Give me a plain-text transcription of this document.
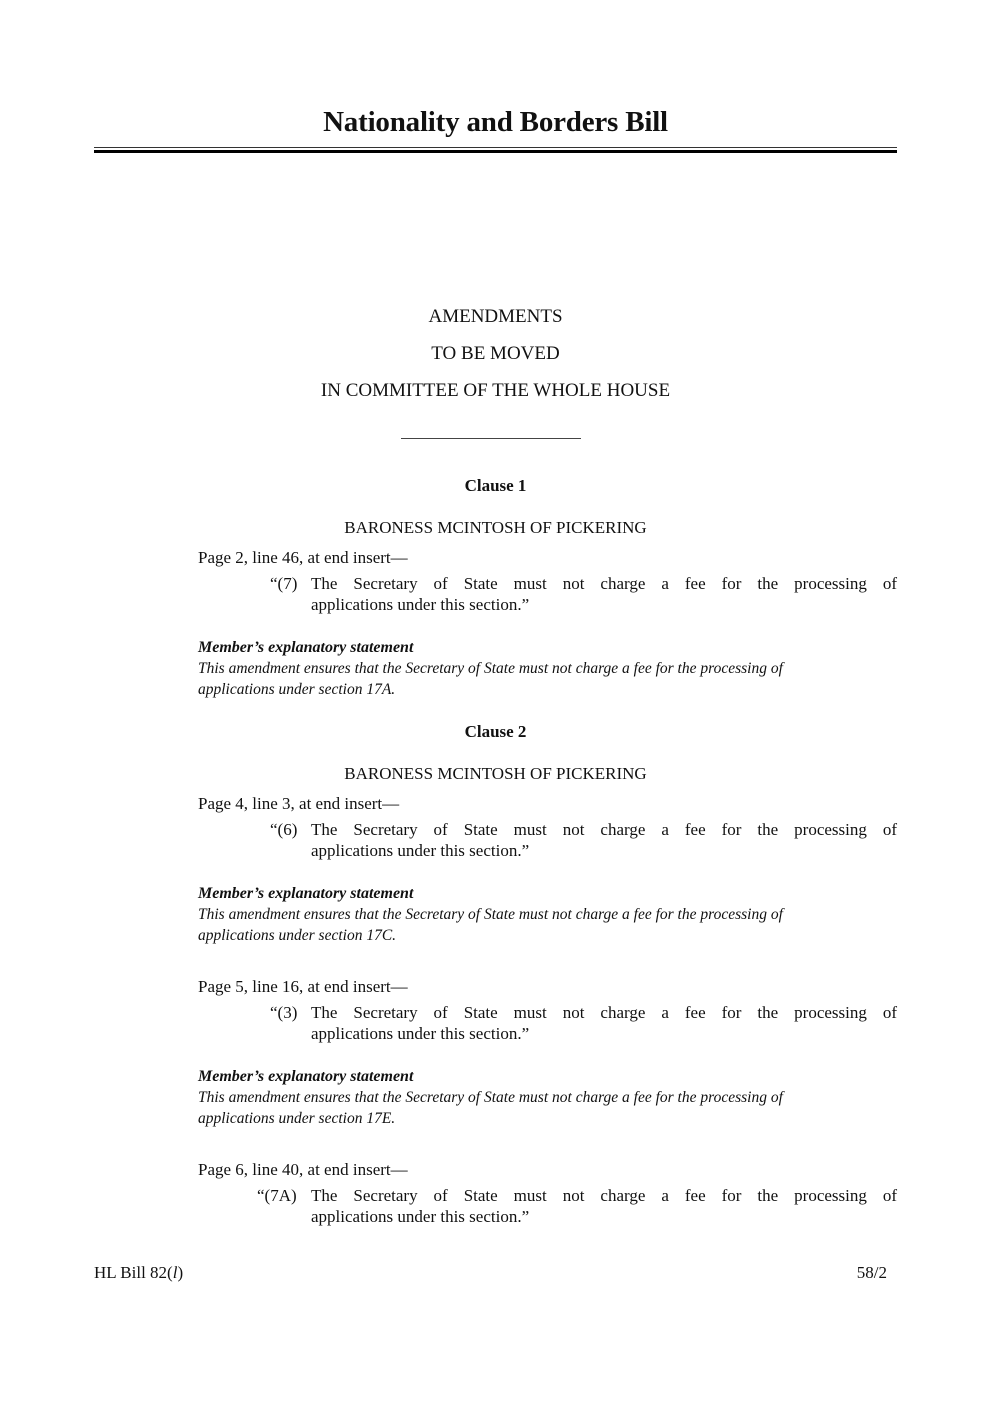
Nationality and Borders Bill
AMENDMENTS
TO BE MOVED
IN COMMITTEE OF THE WHOLE HOUSE
Clause 1
BARONESS MCINTOSH OF PICKERING
Page 2, line 46, at end insert—
“(7) The Secretary of State must not charge a fee for the processing of
applications under this section.”
Member’s explanatory statement
This amendment ensures that the Secretary of State must not charge a fee for the processing of
applications under section 17A.
Clause 2
BARONESS MCINTOSH OF PICKERING
Page 4, line 3, at end insert—
“(6) The Secretary of State must not charge a fee for the processing of
applications under this section.”
Member’s explanatory statement
This amendment ensures that the Secretary of State must not charge a fee for the processing of
applications under section 17C.
Page 5, line 16, at end insert—
“(3) The Secretary of State must not charge a fee for the processing of
applications under this section.”
Member’s explanatory statement
This amendment ensures that the Secretary of State must not charge a fee for the processing of
applications under section 17E.
Page 6, line 40, at end insert—
“(7A) The Secretary of State must not charge a fee for the processing of
applications under this section.”
HL Bill 82(l)	58/2
